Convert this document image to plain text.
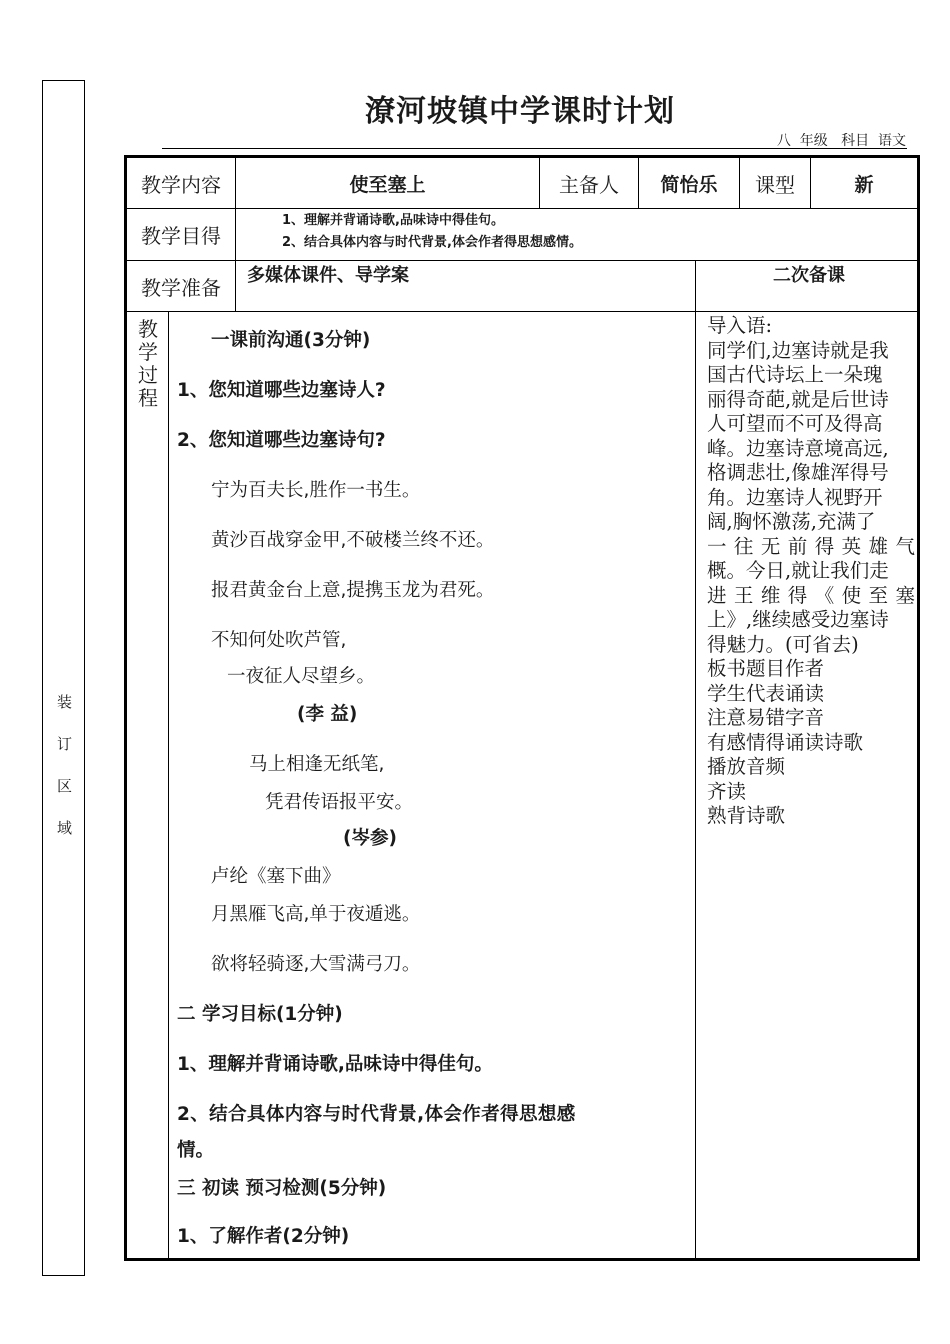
装
订
区
域
潦河坡镇中学课时计划
八  年级   科目  语文
教学内容	使至塞上	主备人	简怡乐	课型	新
教学目得
1、理解并背诵诗歌,品味诗中得佳句。
2、结合具体内容与时代背景,体会作者得思想感情。
教学准备	多媒体课件、导学案	二次备课
教
学
过
程
一课前沟通(3分钟)
1、您知道哪些边塞诗人?
2、您知道哪些边塞诗句?
宁为百夫长,胜作一书生。
黄沙百战穿金甲,不破楼兰终不还。
报君黄金台上意,提携玉龙为君死。
不知何处吹芦管,
一夜征人尽望乡。
(李 益)
马上相逢无纸笔,
凭君传语报平安。
(岑参)
卢纶《塞下曲》
月黑雁飞高,单于夜遁逃。
欲将轻骑逐,大雪满弓刀。
二 学习目标(1分钟)
1、理解并背诵诗歌,品味诗中得佳句。
2、结合具体内容与时代背景,体会作者得思想感
情。
三 初读 预习检测(5分钟)
1、了解作者(2分钟)
导入语:
同学们,边塞诗就是我
国古代诗坛上一朵瑰
丽得奇葩,就是后世诗
人可望而不可及得高
峰。边塞诗意境高远,
格调悲壮,像雄浑得号
角。边塞诗人视野开
阔,胸怀激荡,充满了
一往无前得英雄气
概。今日,就让我们走
进王维得《使至塞
上》,继续感受边塞诗
得魅力。(可省去)
板书题目作者
学生代表诵读
注意易错字音
有感情得诵读诗歌
播放音频
齐读
熟背诗歌
